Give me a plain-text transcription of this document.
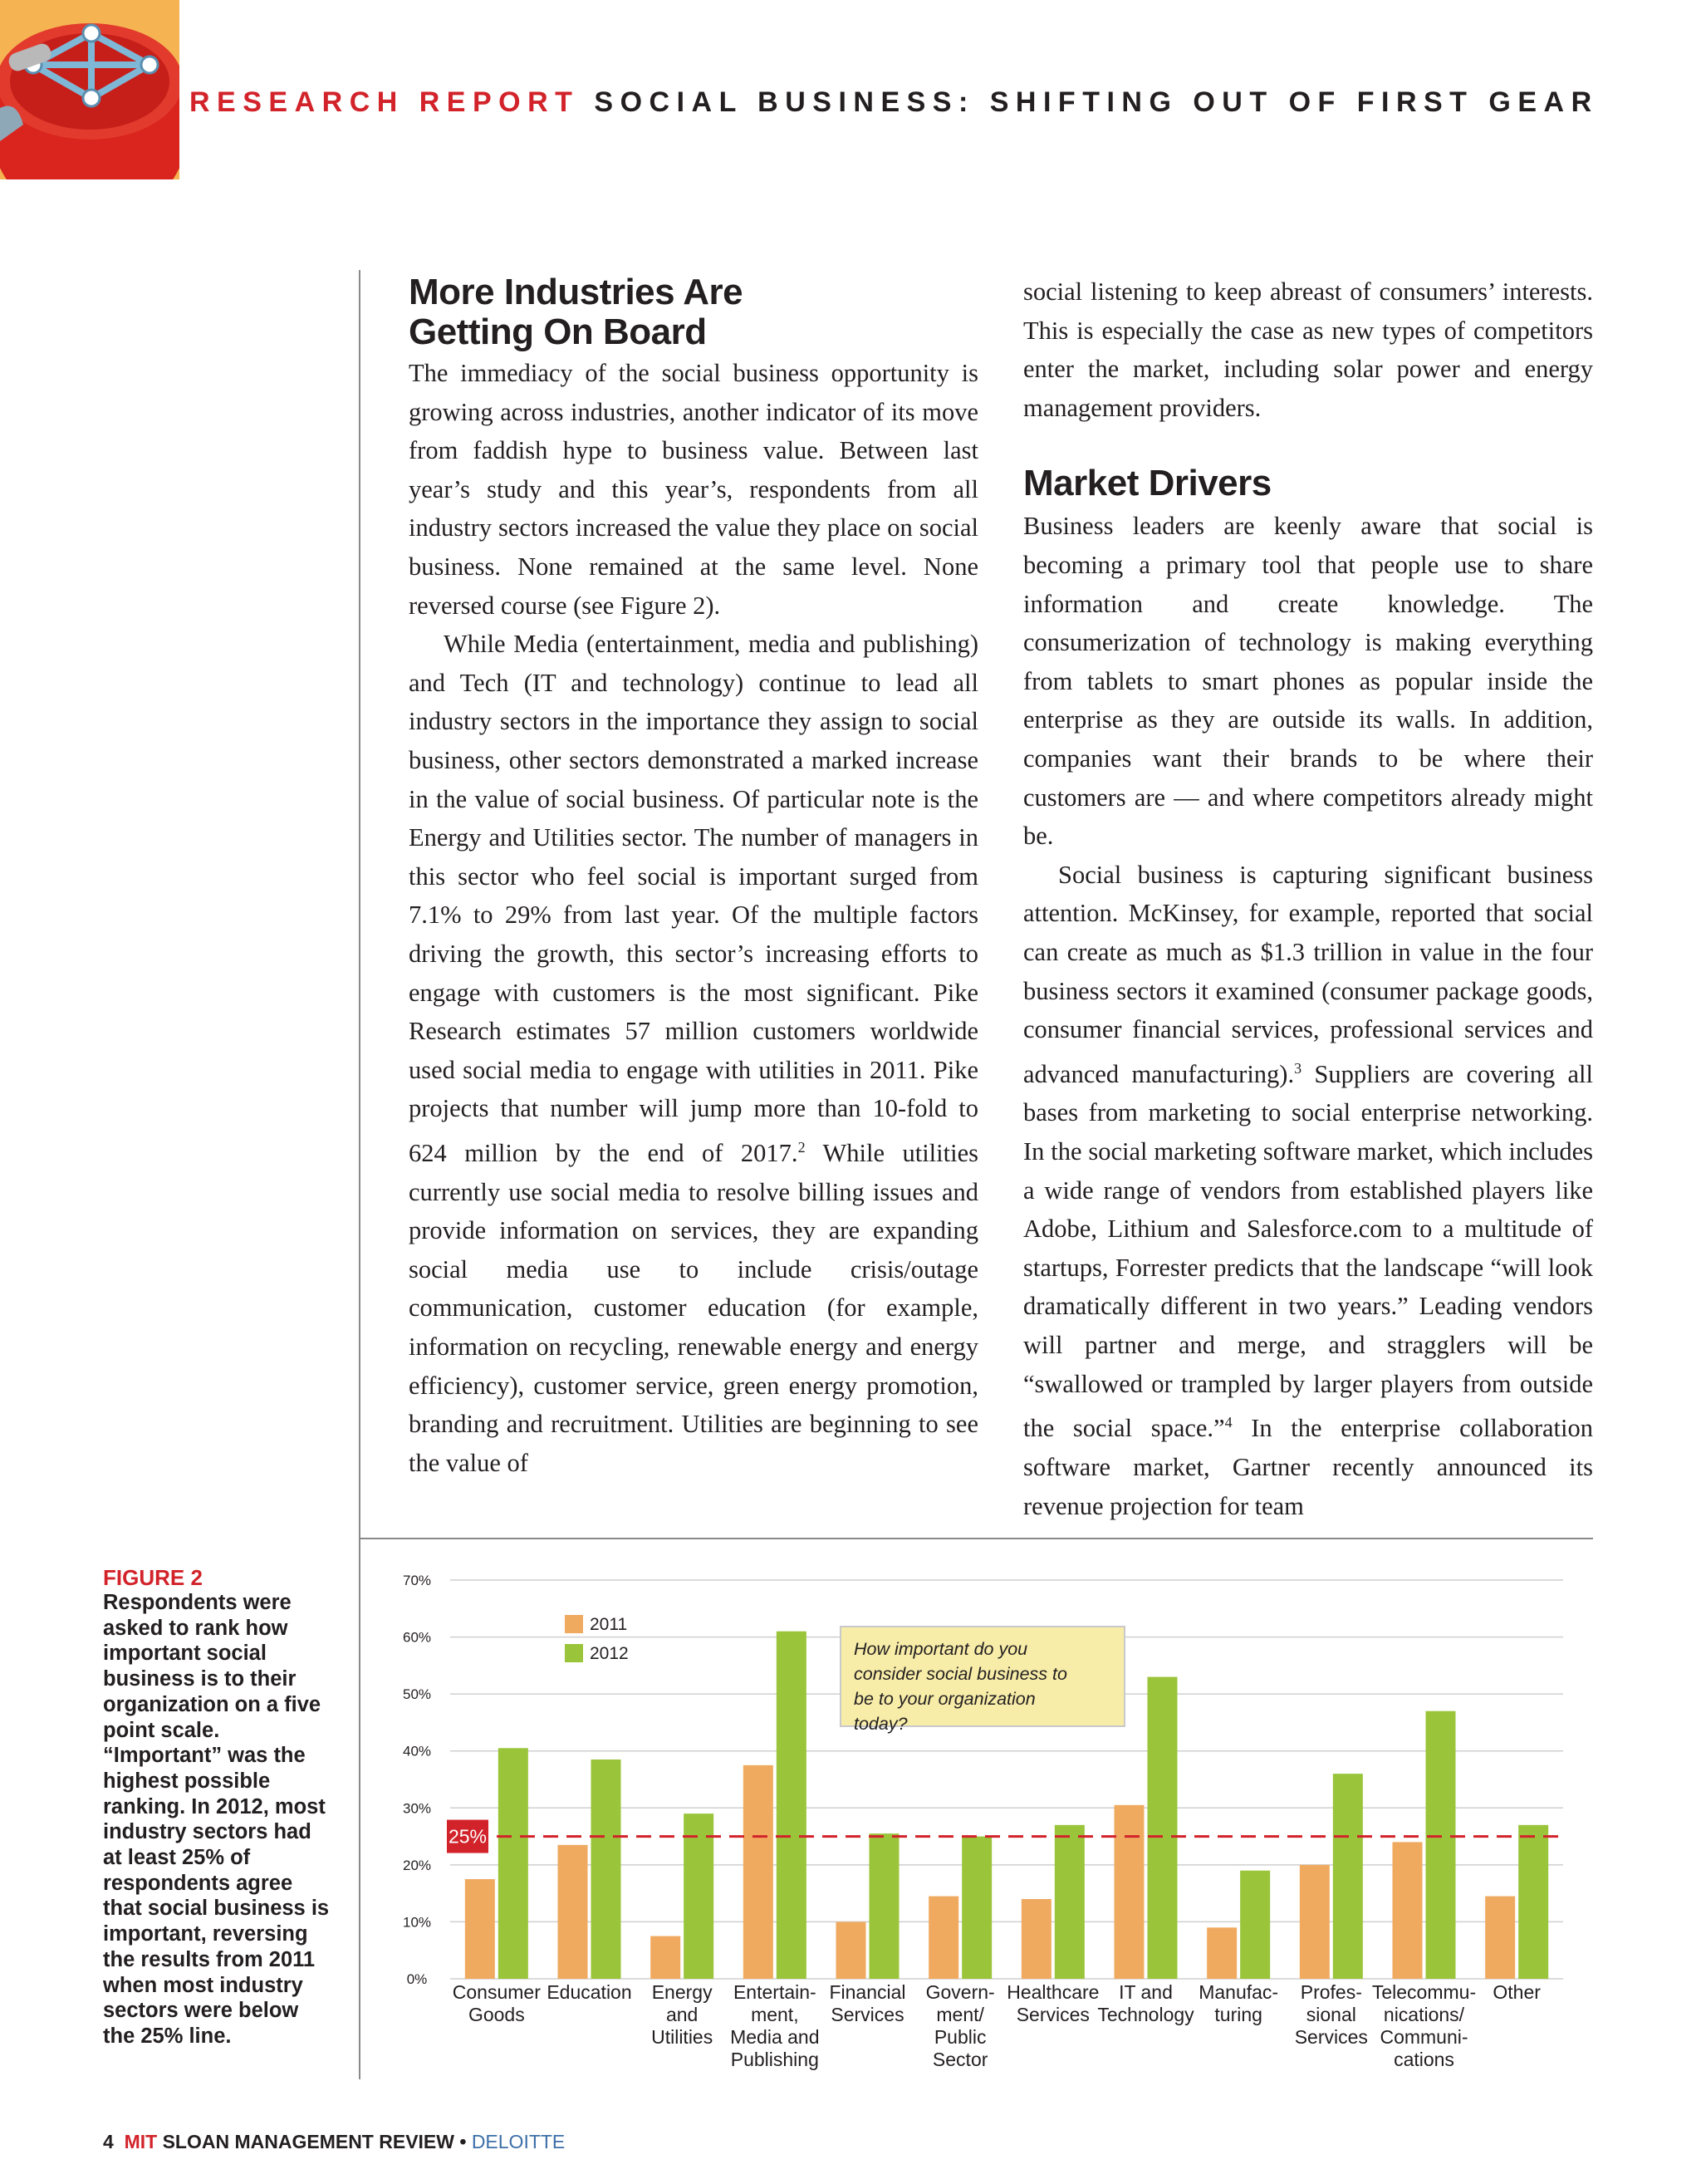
RESEARCH REPORT SOCIAL BUSINESS: SHIFTING OUT OF FIRST GEAR
More Industries Are
Getting On Board

The immediacy of the social business opportunity is growing across industries, another indicator of its move from faddish hype to business value. Between last year’s study and this year’s, respondents from all industry sectors increased the value they place on social business. None remained at the same level. None reversed course (see Figure 2).

While Media (entertainment, media and publishing) and Tech (IT and technology) continue to lead all industry sectors in the importance they assign to social business, other sectors demonstrated a marked increase in the value of social business. Of particular note is the Energy and Utilities sector. The number of managers in this sector who feel social is important surged from 7.1% to 29% from last year. Of the multiple factors driving the growth, this sector’s increasing efforts to engage with customers is the most significant. Pike Research estimates 57 million customers worldwide used social media to engage with utilities in 2011. Pike projects that number will jump more than 10-fold to 624 million by the end of 2017.$^2$ While utilities currently use social media to resolve billing issues and provide information on services, they are expanding social media use to include crisis/outage communication, customer education (for example, information on recycling, renewable energy and energy efficiency), customer service, green energy promotion, branding and recruitment. Utilities are beginning to see the value of

social listening to keep abreast of consumers’ interests. This is especially the case as new types of competitors enter the market, including solar power and energy management providers.

Market Drivers

Business leaders are keenly aware that social is becoming a primary tool that people use to share information and create knowledge. The consumerization of technology is making everything from tablets to smart phones as popular inside the enterprise as they are outside its walls. In addition, companies want their brands to be where their customers are — and where competitors already might be.

Social business is capturing significant business attention. McKinsey, for example, reported that social can create as much as $1.3 trillion in value in the four business sectors it examined (consumer package goods, consumer financial services, professional services and advanced manufacturing).$^3$ Suppliers are covering all bases from marketing to social enterprise networking. In the social marketing software market, which includes a wide range of vendors from established players like Adobe, Lithium and Salesforce.com to a multitude of startups, Forrester predicts that the landscape “will look dramatically different in two years.” Leading vendors will partner and merge, and stragglers will be “swallowed or trampled by larger players from outside the social space.”$^4$ In the enterprise collaboration software market, Gartner recently announced its revenue projection for team

FIGURE 2
Respondents were asked to rank how important social business is to their organization on a five point scale. “Important” was the highest possible ranking. In 2012, most industry sectors had at least 25% of respondents agree that social business is important, reversing the results from 2011 when most industry sectors were below the 25% line.
0%
10%
20%
30%
40%
50%
60%
70%
Consumer
Goods
Education Energy
and
Utilities
Entertain-
ment,
Media and
Publishing
Financial
Services
Govern-
ment/
Public
Sector
Healthcare
Services
IT and
Technology
Manufac-
turing
Profes-
sional
Services
Telecommu-
nications/
Communi-
cations
Other
25%
2011
2012	How important do you
consider social business to
be to your organization
today?
4 MIT SLOAN MANAGEMENT REVIEW • DELOITTE
